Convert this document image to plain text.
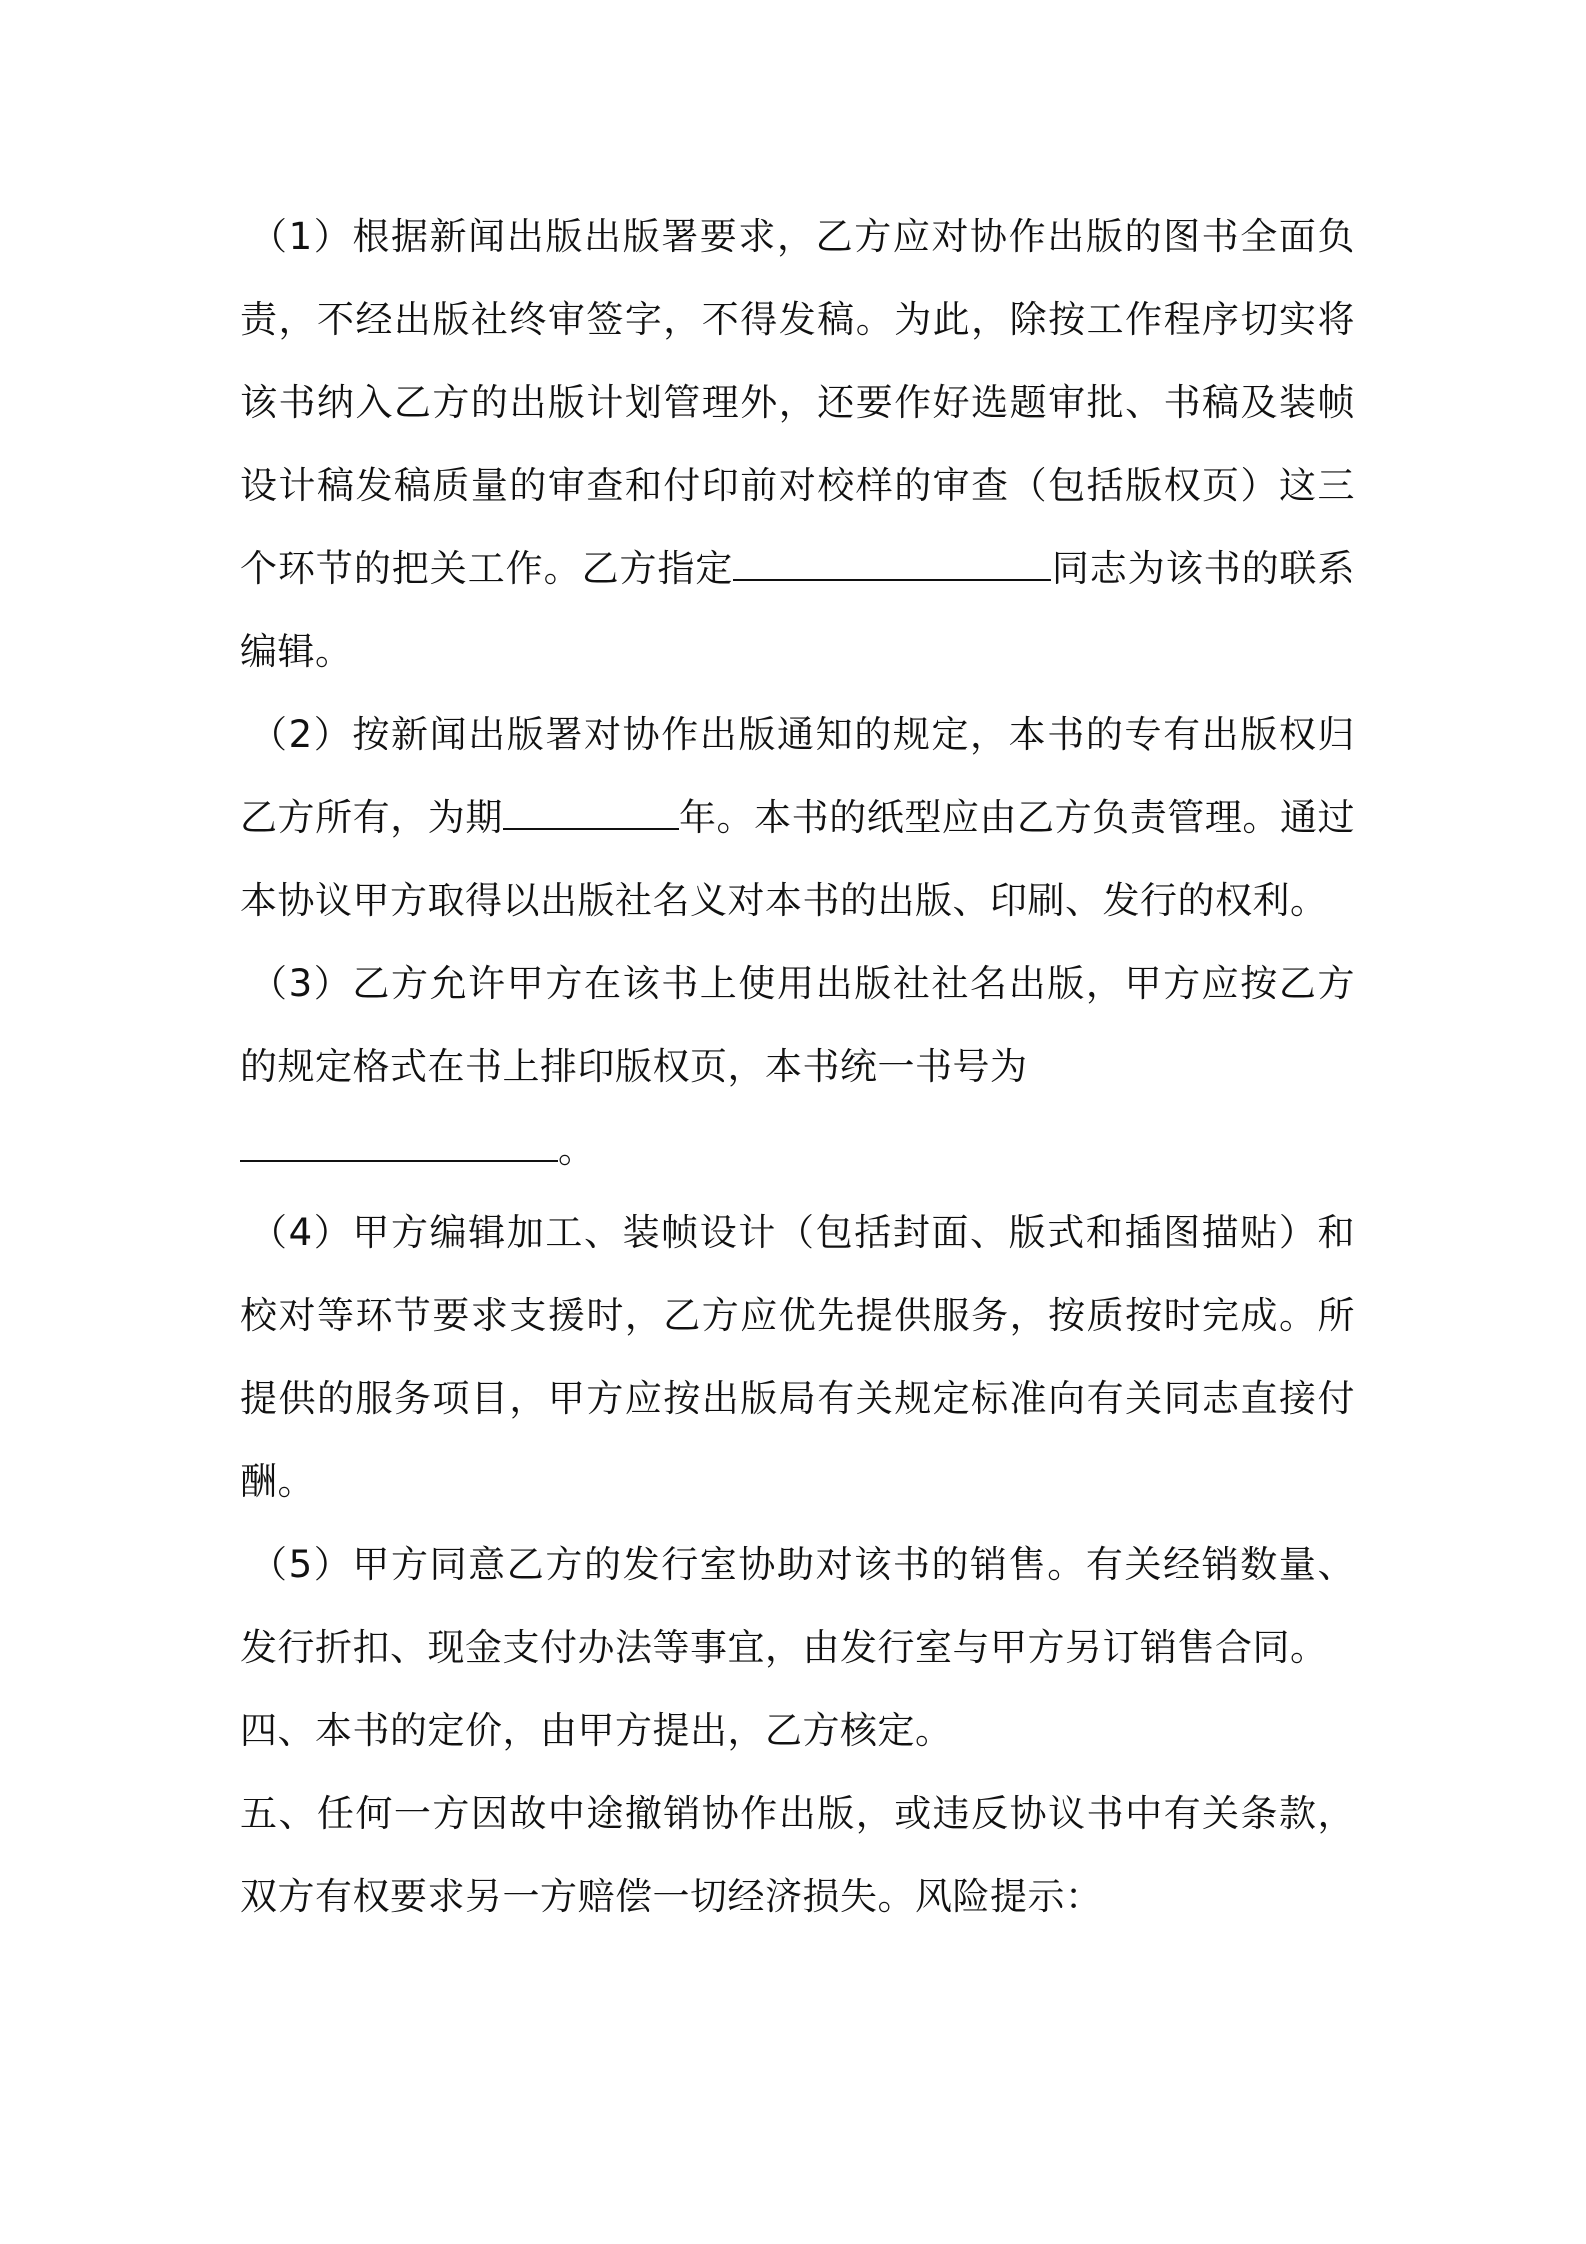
（1）根据新闻出版出版署要求，乙方应对协作出版的图书全面负责，不经出版社终审签字，不得发稿。为此，除按工作程序切实将该书纳入乙方的出版计划管理外，还要作好选题审批、书稿及装帧设计稿发稿质量的审查和付印前对校样的审查（包括版权页）这三个环节的把关工作。乙方指定	同志为该书的联系编辑。

（2）按新闻出版署对协作出版通知的规定，本书的专有出版权归乙方所有，为期	年。本书的纸型应由乙方负责管理。通过本协议甲方取得以出版社名义对本书的出版、印刷、发行的权利。

（3）乙方允许甲方在该书上使用出版社社名出版，甲方应按乙方的规定格式在书上排印版权页，本书统一书号为
。

（4）甲方编辑加工、装帧设计（包括封面、版式和插图描贴）和校对等环节要求支援时，乙方应优先提供服务，按质按时完成。所提供的服务项目，甲方应按出版局有关规定标准向有关同志直接付酬。

（5）甲方同意乙方的发行室协助对该书的销售。有关经销数量、发行折扣、现金支付办法等事宜，由发行室与甲方另订销售合同。

四、本书的定价，由甲方提出，乙方核定。

五、任何一方因故中途撤销协作出版，或违反协议书中有关条款，双方有权要求另一方赔偿一切经济损失。风险提示：
